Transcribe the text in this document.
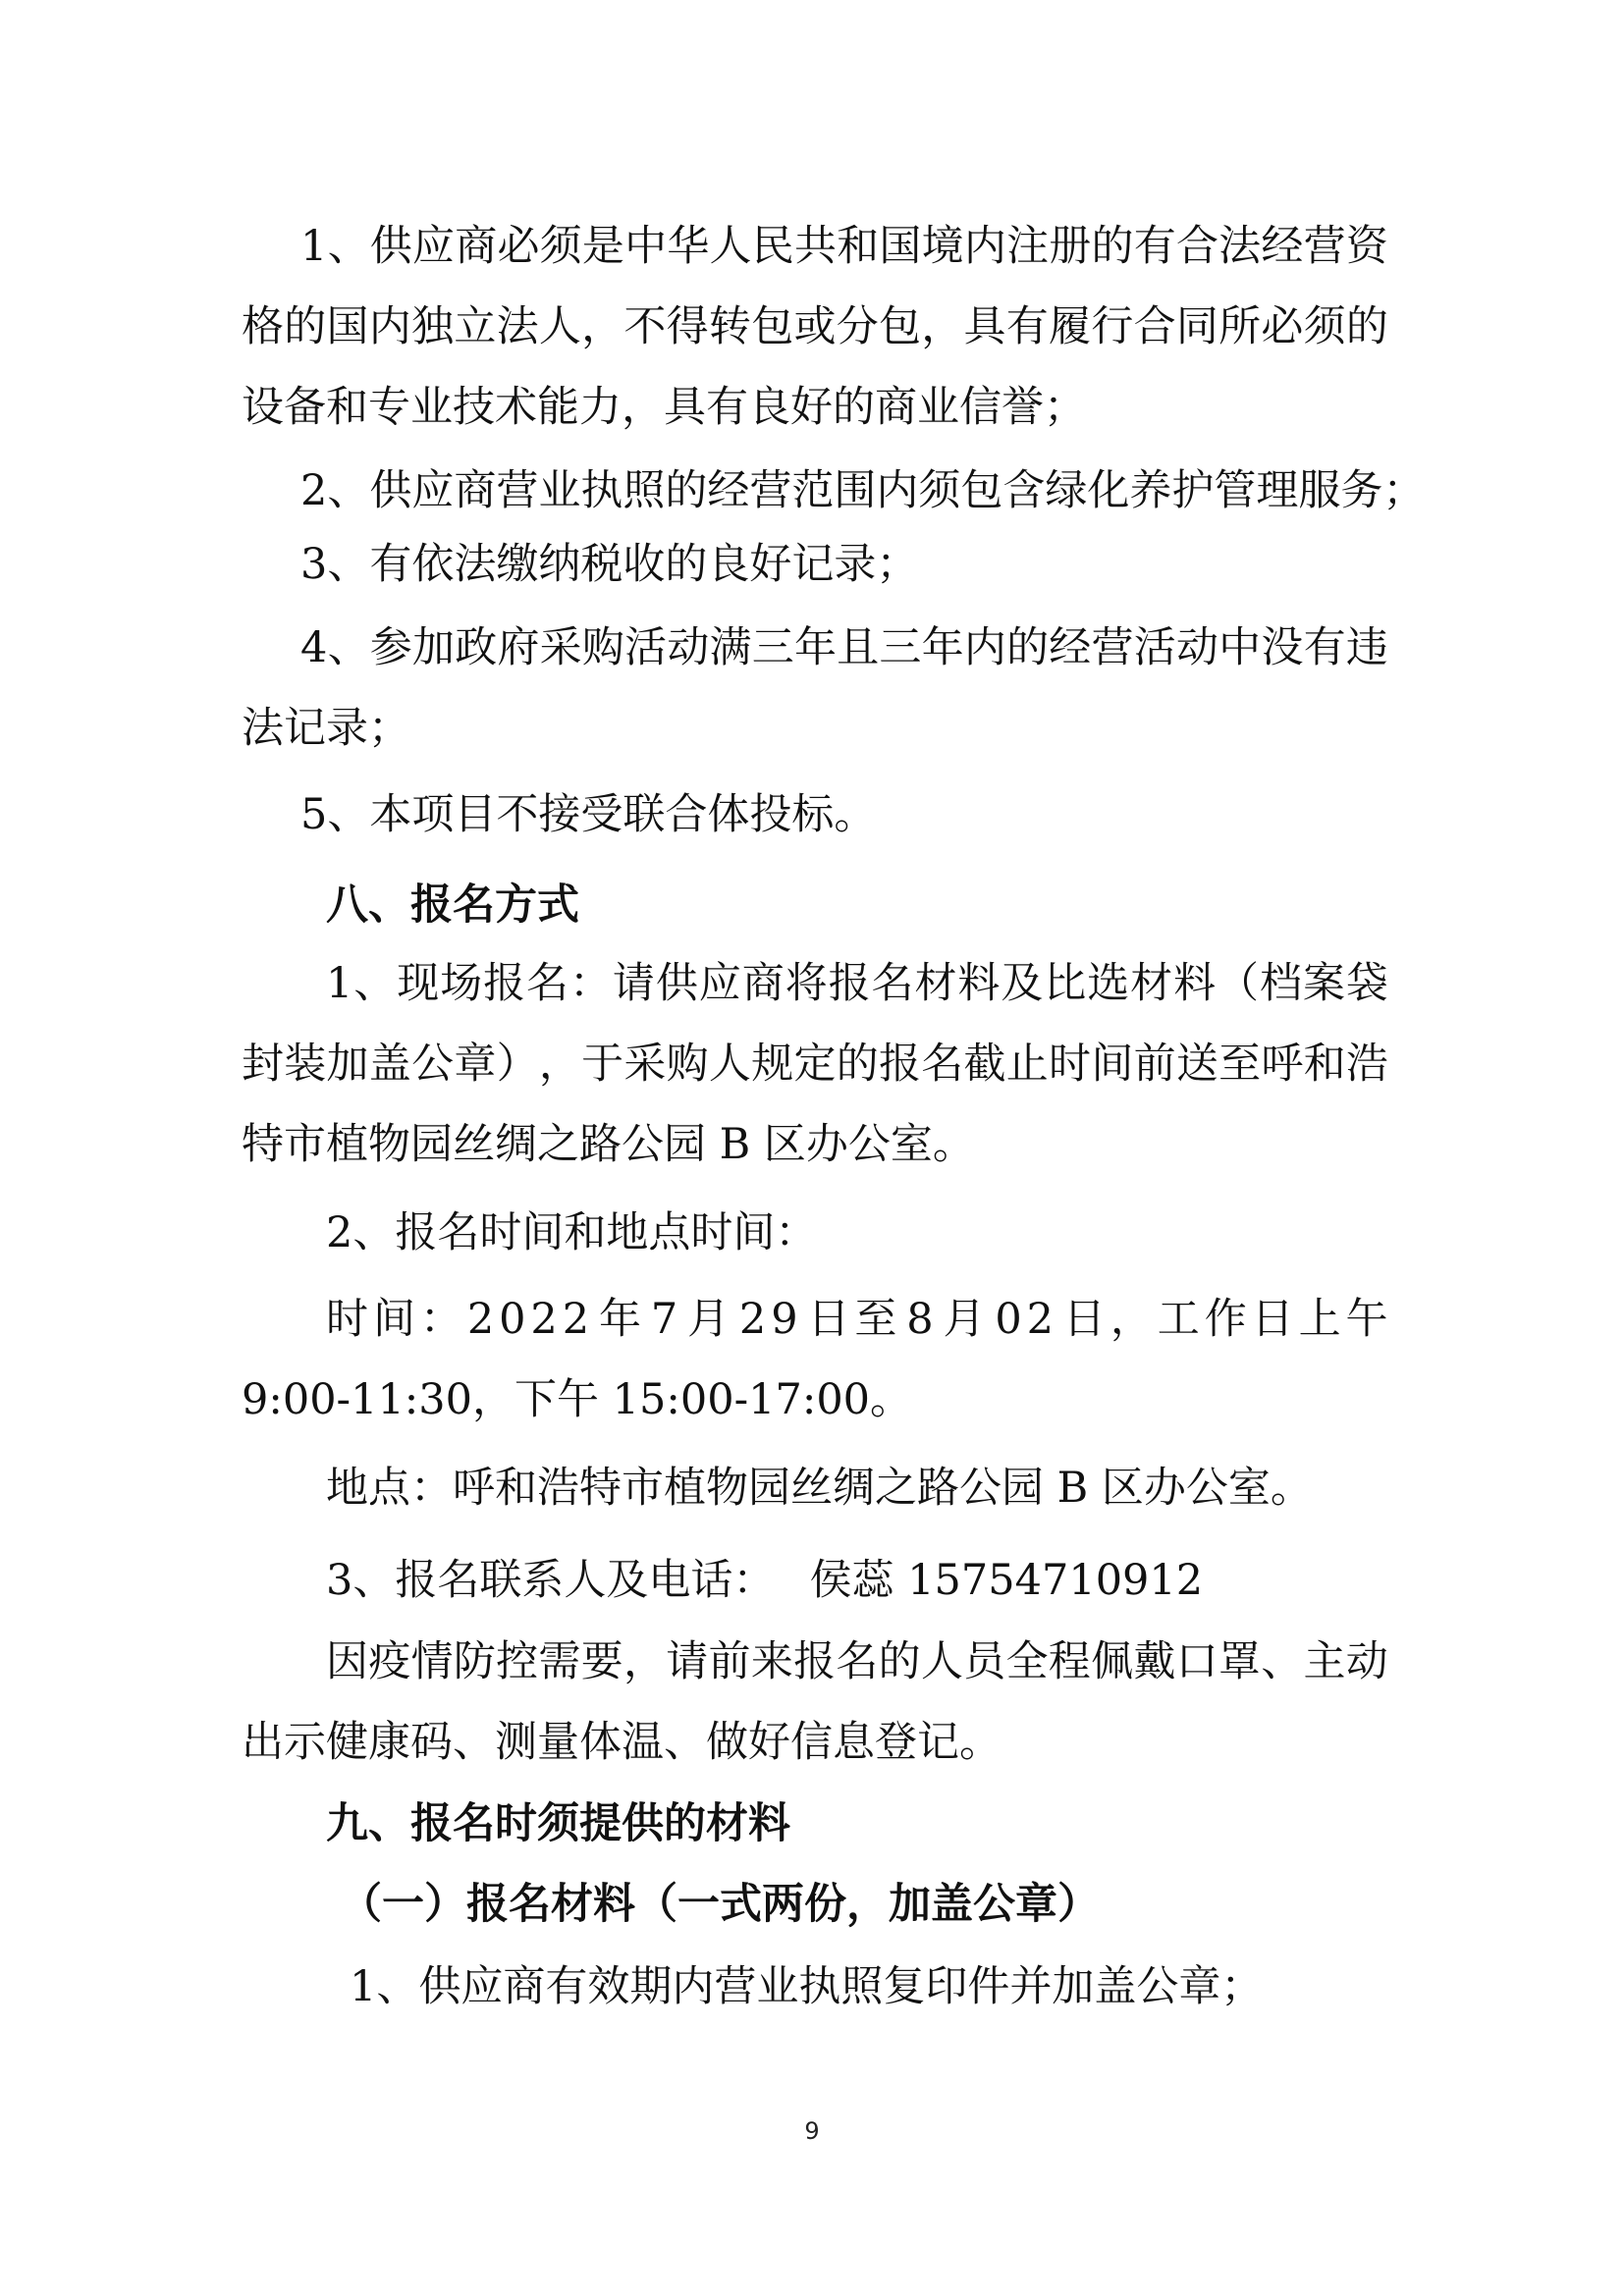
1 、 供 应 商 必 须 是 中 华 人 民 共 和 国 境 内 注 册 的 有 合 法 经 营 资
格 的 国 内 独 立 法 人 ， 不 得 转 包 或 分 包 ， 具 有 履 行 合 同 所 必 须 的
设备和专业技术能力，具有良好的商业信誉；
2、供应商营业执照的经营范围内须包含绿化养护管理服务；
3、有依法缴纳税收的良好记录；
4 、 参 加 政 府 采 购 活 动 满 三 年 且 三 年 内 的 经 营 活 动 中 没 有 违
法记录；
5、本项目不接受联合体投标。
八、报名方式
1 、 现 场 报 名 ： 请 供 应 商 将 报 名 材 料 及 比 选 材 料 （ 档 案 袋
封 装 加 盖 公 章 ） ， 于 采 购 人 规 定 的 报 名 截 止 时 间 前 送 至 呼 和 浩
特市植物园丝绸之路公园 B 区办公室。
2、报名时间和地点时间：
时 间 ： 2 0 2 2 年 7 月 2 9 日 至 8 月 0 2 日 ， 工 作 日 上 午
9:00-11:30，下午 15:00-17:00。
地点：呼和浩特市植物园丝绸之路公园 B 区办公室。
3、报名联系人及电话：　 侯蕊 15754710912
因 疫 情 防 控 需 要 ， 请 前 来 报 名 的 人 员 全 程 佩 戴 口 罩 、 主 动
出示健康码、测量体温、做好信息登记。
九、报名时须提供的材料
（一）报名材料（一式两份，加盖公章）
1、供应商有效期内营业执照复印件并加盖公章；
9
